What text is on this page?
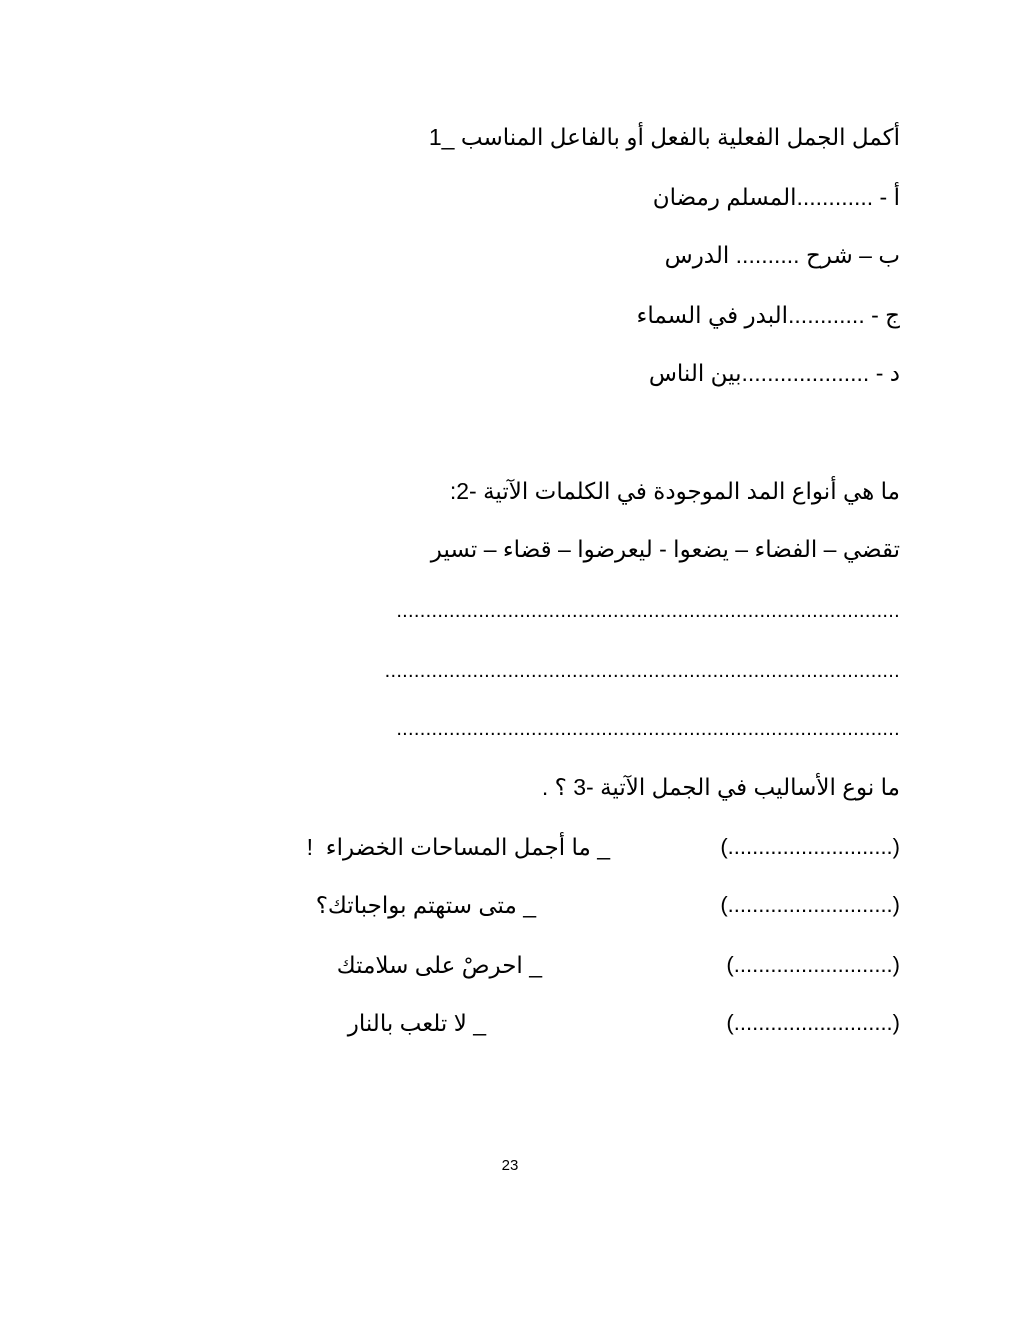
أكمل الجمل الفعلية بالفعل أو بالفاعل المناسب _1
أ - ............المسلم رمضان
ب – شرح .......... الدرس
ج - ............البدر في السماء
د - ....................بين الناس
ما هي أنواع المد الموجودة في الكلمات الآتية -2:
تقضي – الفضاء – يضعوا - ليعرضوا – قضاء – تسير
......................................................................................
........................................................................................
......................................................................................
ما نوع الأساليب في الجمل الآتية -3 ؟ .
(...........................)
_ ما أجمل المساحات الخضراء  !
(...........................)
_ متى ستهتم بواجباتك؟
(..........................)
_ احرصْ على سلامتك
(..........................)
_ لا تلعب بالنار
23
